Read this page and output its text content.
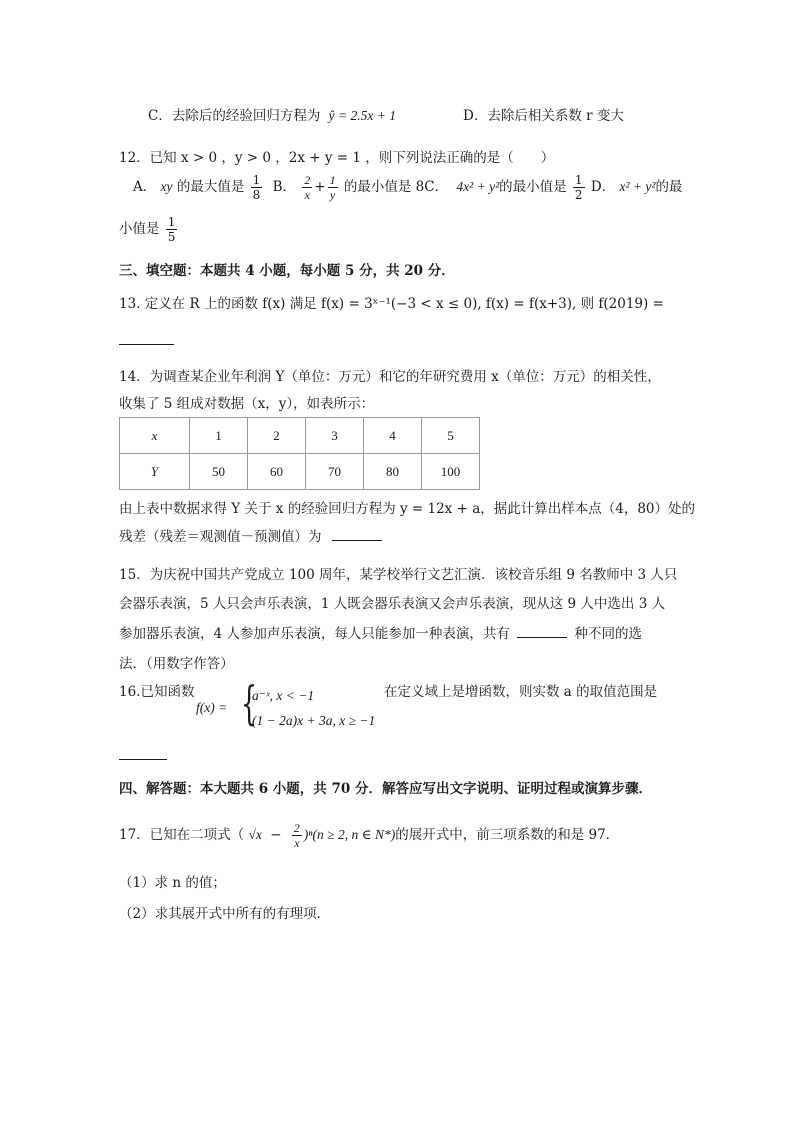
C．去除后的经验回归方程为 ŷ = 2.5x + 1	D．去除后相关系数 r 变大
12．已知 x > 0 ，y > 0 ，2x + y = 1 ，则下列说法正确的是（　　）
A． xy 的最大值是 $\frac{1}{8}$ B． $\frac{2}{x} + \frac{1}{y}$ 的最小值是 8C． 4x² + y²的最小值是 $\frac{1}{2}$ D． x² + y²的最
小值是 $\frac{1}{5}$
三、填空题：本题共 4 小题，每小题 5 分，共 20 分．
13. 定义在 R 上的函数 f(x) 满足 f(x) = 3ˣ⁻¹(−3 < x ≤ 0), f(x) = f(x+3), 则 f(2019) =
14．为调查某企业年利润 Y（单位：万元）和它的年研究费用 x（单位：万元）的相关性，
收集了 5 组成对数据（x，y），如表所示：
x	1	2	3	4	5
Y	50	60	70	80	100
由上表中数据求得 Y 关于 x 的经验回归方程为 y = 12x + a，据此计算出样本点（4，80）处的
残差（残差＝观测值－预测值）为
15．为庆祝中国共产党成立 100 周年，某学校举行文艺汇演．该校音乐组 9 名教师中 3 人只
会器乐表演，5 人只会声乐表演，1 人既会器乐表演又会声乐表演，现从这 9 人中选出 3 人
参加器乐表演，4 人参加声乐表演，每人只能参加一种表演，共有	种不同的选
法．（用数字作答）
16.已知函数
f(x) = {
a⁻ˣ, x < −1
(1 − 2a)x + 3a, x ≥ −1
在定义域上是增函数，则实数 a 的取值范围是
四、解答题：本大题共 6 小题，共 70 分．解答应写出文字说明、证明过程或演算步骤．
17．已知在二项式（ $√x - \frac{2}{x} )^n(n \ge 2$, n ∈ N*)的展开式中，前三项系数的和是 97．
（1）求 n 的值；
（2）求其展开式中所有的有理项．
